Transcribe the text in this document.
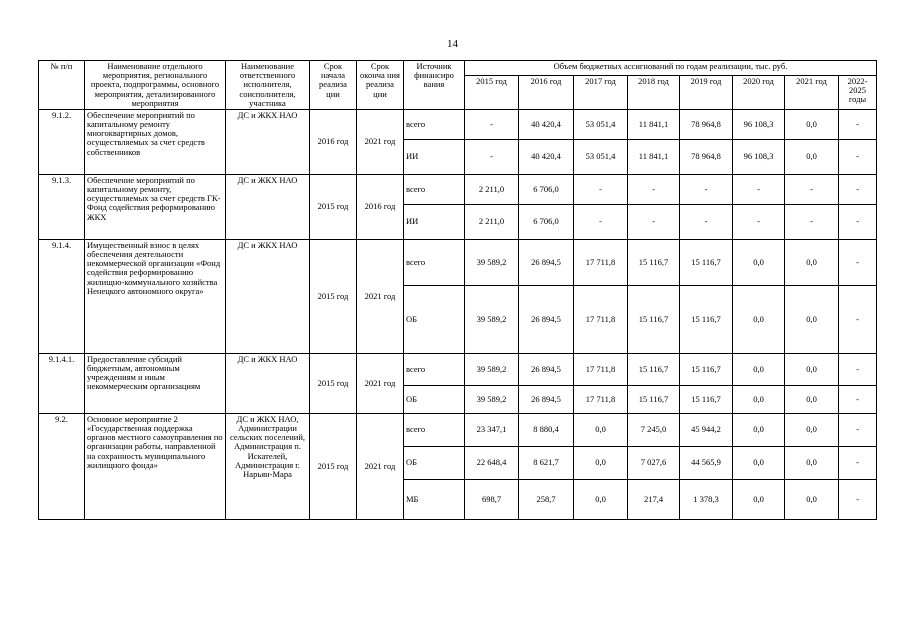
14
№ п/п	Наименование отдельного мероприятия, регионального проекта, подпрограммы, основного мероприятия, детализированного мероприятия	Наименование ответственного исполнителя, соисполнителя, участника	Срок начала реализа ции	Срок оконча ния реализа ции	Источник финансиро вания	Объем бюджетных ассигнований по годам реализации, тыс. руб.							
						2015 год	2016 год	2017 год	2018 год	2019 год	2020 год	2021 год	2022-2025 годы
9.1.2.	Обеспечение мероприятий по капитальному ремонту многоквартирных домов, осуществляемых за счет средств собственников	ДС и ЖКХ НАО	2016 год	2021 год	всего	-	40 420,4	53 051,4	11 841,1	78 964,8	96 108,3	0,0	-
					ИИ	-	40 420,4	53 051,4	11 841,1	78 964,8	96 108,3	0,0	-
9.1.3.	Обеспечение мероприятий по капитальному ремонту, осуществляемых за счет средств ГК-Фонд содействия реформированию ЖКХ	ДС и ЖКХ НАО	2015 год	2016 год	всего	2 211,0	6 706,0	-	-	-	-	-	-
					ИИ	2 211,0	6 706,0	-	-	-	-	-	-
9.1.4.	Имущественный взнос в целях обеспечения деятельности некоммерческой организации «Фонд содействия реформированию жилищно-коммунального хозяйства Ненецкого автономного округа»	ДС и ЖКХ НАО	2015 год	2021 год	всего	39 589,2	26 894,5	17 711,8	15 116,7	15 116,7	0,0	0,0	-
					ОБ	39 589,2	26 894,5	17 711,8	15 116,7	15 116,7	0,0	0,0	-
9.1.4.1.	Предоставление субсидий бюджетным, автономным учреждениям и иным некоммерческим организациям	ДС и ЖКХ НАО	2015 год	2021 год	всего	39 589,2	26 894,5	17 711,8	15 116,7	15 116,7	0,0	0,0	-
					ОБ	39 589,2	26 894,5	17 711,8	15 116,7	15 116,7	0,0	0,0	-
9.2.	Основное мероприятие 2 «Государственная поддержка органов местного самоуправления по организации работы, направленной на сохранность муниципального жилищного фонда»	ДС и ЖКХ НАО, Администрации сельских поселений, Администрация п. Искателей, Администрация г. Нарьян-Мара	2015 год	2021 год	всего	23 347,1	8 880,4	0,0	7 245,0	45 944,2	0,0	0,0	-
					ОБ	22 648,4	8 621,7	0,0	7 027,6	44 565,9	0,0	0,0	-
					МБ	698,7	258,7	0,0	217,4	1 378,3	0,0	0,0	-
